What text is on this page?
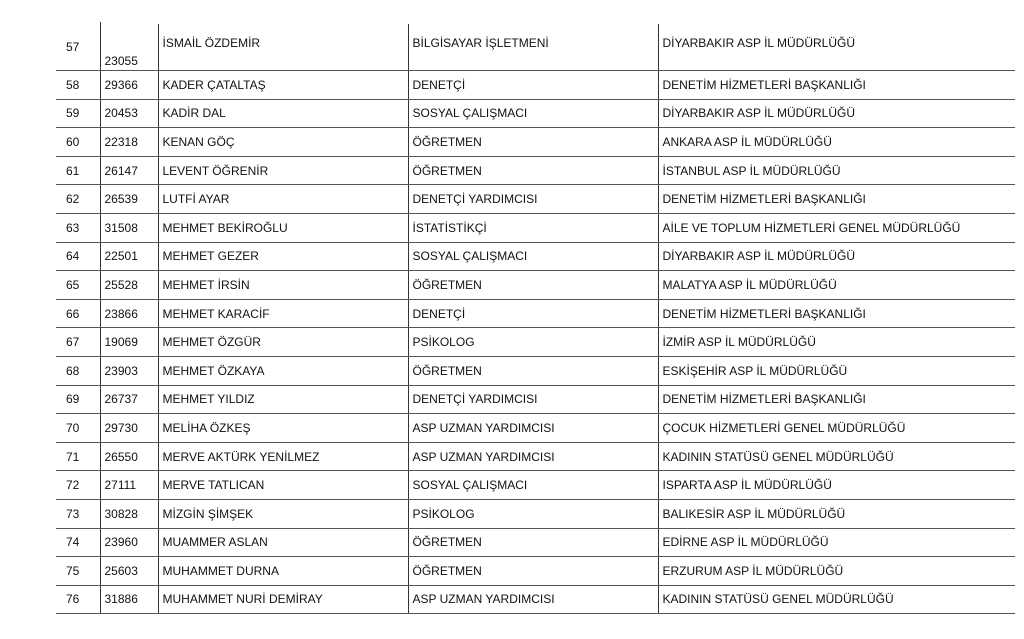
57	23055	İSMAİL ÖZDEMİR	BİLGİSAYAR İŞLETMENİ	DİYARBAKIR ASP İL MÜDÜRLÜĞÜ
58	29366	KADER ÇATALTAŞ	DENETÇİ	DENETİM HİZMETLERİ BAŞKANLIĞI
59	20453	KADİR DAL	SOSYAL ÇALIŞMACI	DİYARBAKIR ASP İL MÜDÜRLÜĞÜ
60	22318	KENAN GÖÇ	ÖĞRETMEN	ANKARA ASP İL MÜDÜRLÜĞÜ
61	26147	LEVENT ÖĞRENİR	ÖĞRETMEN	İSTANBUL ASP İL MÜDÜRLÜĞÜ
62	26539	LUTFİ AYAR	DENETÇİ YARDIMCISI	DENETİM HİZMETLERİ BAŞKANLIĞI
63	31508	MEHMET BEKİROĞLU	İSTATİSTİKÇİ	AİLE VE TOPLUM HİZMETLERİ GENEL MÜDÜRLÜĞÜ
64	22501	MEHMET GEZER	SOSYAL ÇALIŞMACI	DİYARBAKIR ASP İL MÜDÜRLÜĞÜ
65	25528	MEHMET İRSİN	ÖĞRETMEN	MALATYA ASP İL MÜDÜRLÜĞÜ
66	23866	MEHMET KARACİF	DENETÇİ	DENETİM HİZMETLERİ BAŞKANLIĞI
67	19069	MEHMET ÖZGÜR	PSİKOLOG	İZMİR ASP İL MÜDÜRLÜĞÜ
68	23903	MEHMET ÖZKAYA	ÖĞRETMEN	ESKİŞEHİR ASP İL MÜDÜRLÜĞÜ
69	26737	MEHMET YILDIZ	DENETÇİ YARDIMCISI	DENETİM HİZMETLERİ BAŞKANLIĞI
70	29730	MELİHA ÖZKEŞ	ASP UZMAN YARDIMCISI	ÇOCUK HİZMETLERİ GENEL MÜDÜRLÜĞÜ
71	26550	MERVE AKTÜRK YENİLMEZ	ASP UZMAN YARDIMCISI	KADININ STATÜSÜ GENEL MÜDÜRLÜĞÜ
72	27111	MERVE TATLICAN	SOSYAL ÇALIŞMACI	ISPARTA ASP İL MÜDÜRLÜĞÜ
73	30828	MİZGİN ŞİMŞEK	PSİKOLOG	BALIKESİR ASP İL MÜDÜRLÜĞÜ
74	23960	MUAMMER ASLAN	ÖĞRETMEN	EDİRNE ASP İL MÜDÜRLÜĞÜ
75	25603	MUHAMMET DURNA	ÖĞRETMEN	ERZURUM ASP İL MÜDÜRLÜĞÜ
76	31886	MUHAMMET NURİ DEMİRAY	ASP UZMAN YARDIMCISI	KADININ STATÜSÜ GENEL MÜDÜRLÜĞÜ
